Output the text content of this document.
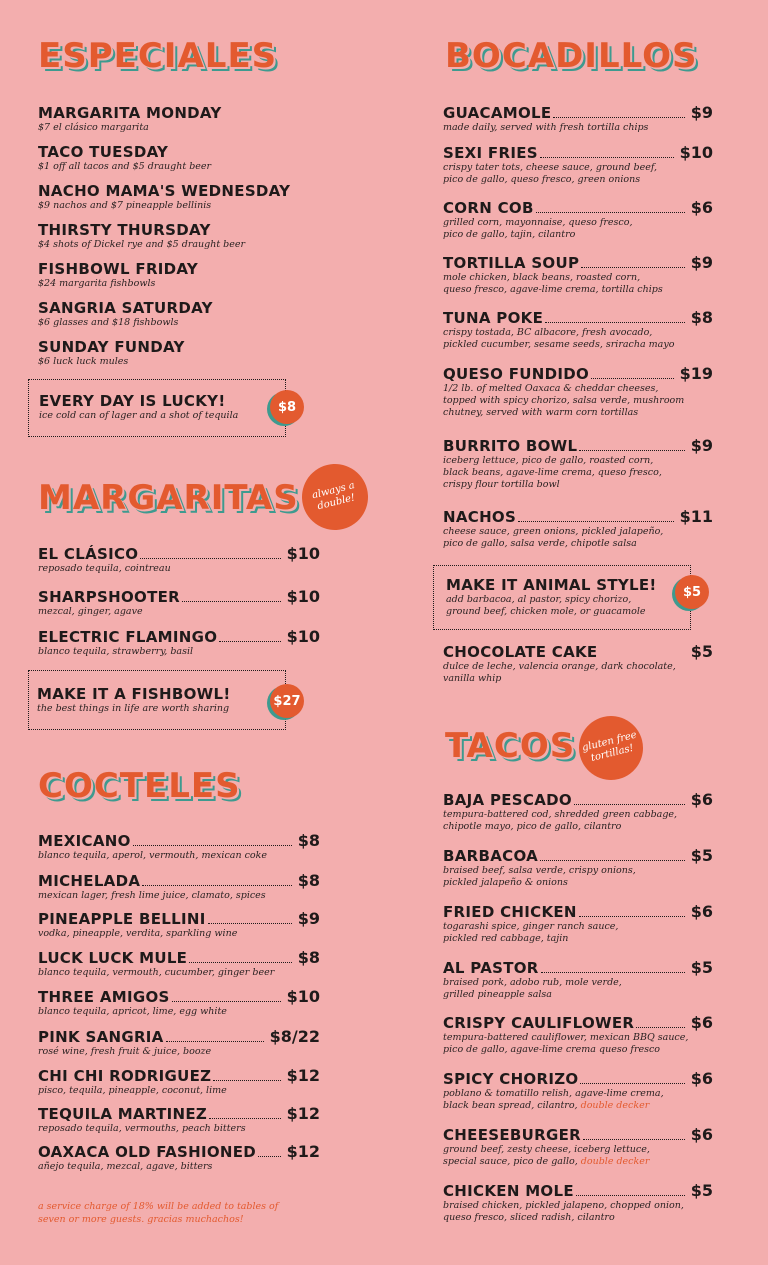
ESPECIALES
MARGARITA MONDAY
$7 el clásico margarita
TACO TUESDAY
$1 off all tacos and $5 draught beer
NACHO MAMA'S WEDNESDAY
$9 nachos and $7 pineapple bellinis
THIRSTY THURSDAY
$4 shots of Dickel rye and $5 draught beer
FISHBOWL FRIDAY
$24 margarita fishbowls
SANGRIA SATURDAY
$6 glasses and $18 fishbowls
SUNDAY FUNDAY
$6 luck luck mules
EVERY DAY IS LUCKY!
ice cold can of lager and a shot of tequila
$8
MARGARITAS	always a double!
EL CLÁSICO	$10
reposado tequila, cointreau
SHARPSHOOTER	$10
mezcal, ginger, agave
ELECTRIC FLAMINGO	$10
blanco tequila, strawberry, basil
MAKE IT A FISHBOWL!
the best things in life are worth sharing	$27
COCTELES
MEXICANO	$8
blanco tequila, aperol, vermouth, mexican coke
MICHELADA	$8
mexican lager, fresh lime juice, clamato, spices
PINEAPPLE BELLINI	$9
vodka, pineapple, verdita, sparkling wine
LUCK LUCK MULE	$8
blanco tequila, vermouth, cucumber, ginger beer
THREE AMIGOS	$10
blanco tequila, apricot, lime, egg white
PINK SANGRIA	$8/22
rosé wine, fresh fruit & juice, booze
CHI CHI RODRIGUEZ	$12
pisco, tequila, pineapple, coconut, lime
TEQUILA MARTINEZ	$12
reposado tequila, vermouths, peach bitters
OAXACA OLD FASHIONED $12
añejo tequila, mezcal, agave, bitters
a service charge of 18% will be added to tables of
seven or more guests. gracias muchachos!
BOCADILLOS
GUACAMOLE	$9
made daily, served with fresh tortilla chips
SEXI FRIES	$10
crispy tater tots, cheese sauce, ground beef,
pico de gallo, queso fresco, green onions
CORN COB	$6
grilled corn, mayonnaise, queso fresco,
pico de gallo, tajin, cilantro
TORTILLA SOUP	$9
mole chicken, black beans, roasted corn,
queso fresco, agave-lime crema, tortilla chips
TUNA POKE	$8
crispy tostada, BC albacore, fresh avocado,
pickled cucumber, sesame seeds, sriracha mayo
QUESO FUNDIDO	$19
1/2 lb. of melted Oaxaca & cheddar cheeses,
topped with spicy chorizo, salsa verde, mushroom
chutney, served with warm corn tortillas
BURRITO BOWL	$9
iceberg lettuce, pico de gallo, roasted corn,
black beans, agave-lime crema, queso fresco,
crispy flour tortilla bowl
NACHOS	$11
cheese sauce, green onions, pickled jalapeño,
pico de gallo, salsa verde, chipotle salsa
MAKE IT ANIMAL STYLE!
add barbacoa, al pastor, spicy chorizo,
ground beef, chicken mole, or guacamole
$5
CHOCOLATE CAKE	$5
dulce de leche, valencia orange, dark chocolate,
vanilla whip
TACOS gluten free tortillas!
BAJA PESCADO	$6
tempura-battered cod, shredded green cabbage,
chipotle mayo, pico de gallo, cilantro
BARBACOA	$5
braised beef, salsa verde, crispy onions,
pickled jalapeño & onions
FRIED CHICKEN	$6
togarashi spice, ginger ranch sauce,
pickled red cabbage, tajin
AL PASTOR	$5
braised pork, adobo rub, mole verde,
grilled pineapple salsa
CRISPY CAULIFLOWER	$6
tempura-battered cauliflower, mexican BBQ sauce,
pico de gallo, agave-lime crema queso fresco
SPICY CHORIZO	$6
poblano & tomatillo relish, agave-lime crema,
black bean spread, cilantro, double decker
CHEESEBURGER	$6
ground beef, zesty cheese, iceberg lettuce,
special sauce, pico de gallo, double decker
CHICKEN MOLE	$5
braised chicken, pickled jalapeno, chopped onion,
queso fresco, sliced radish, cilantro
